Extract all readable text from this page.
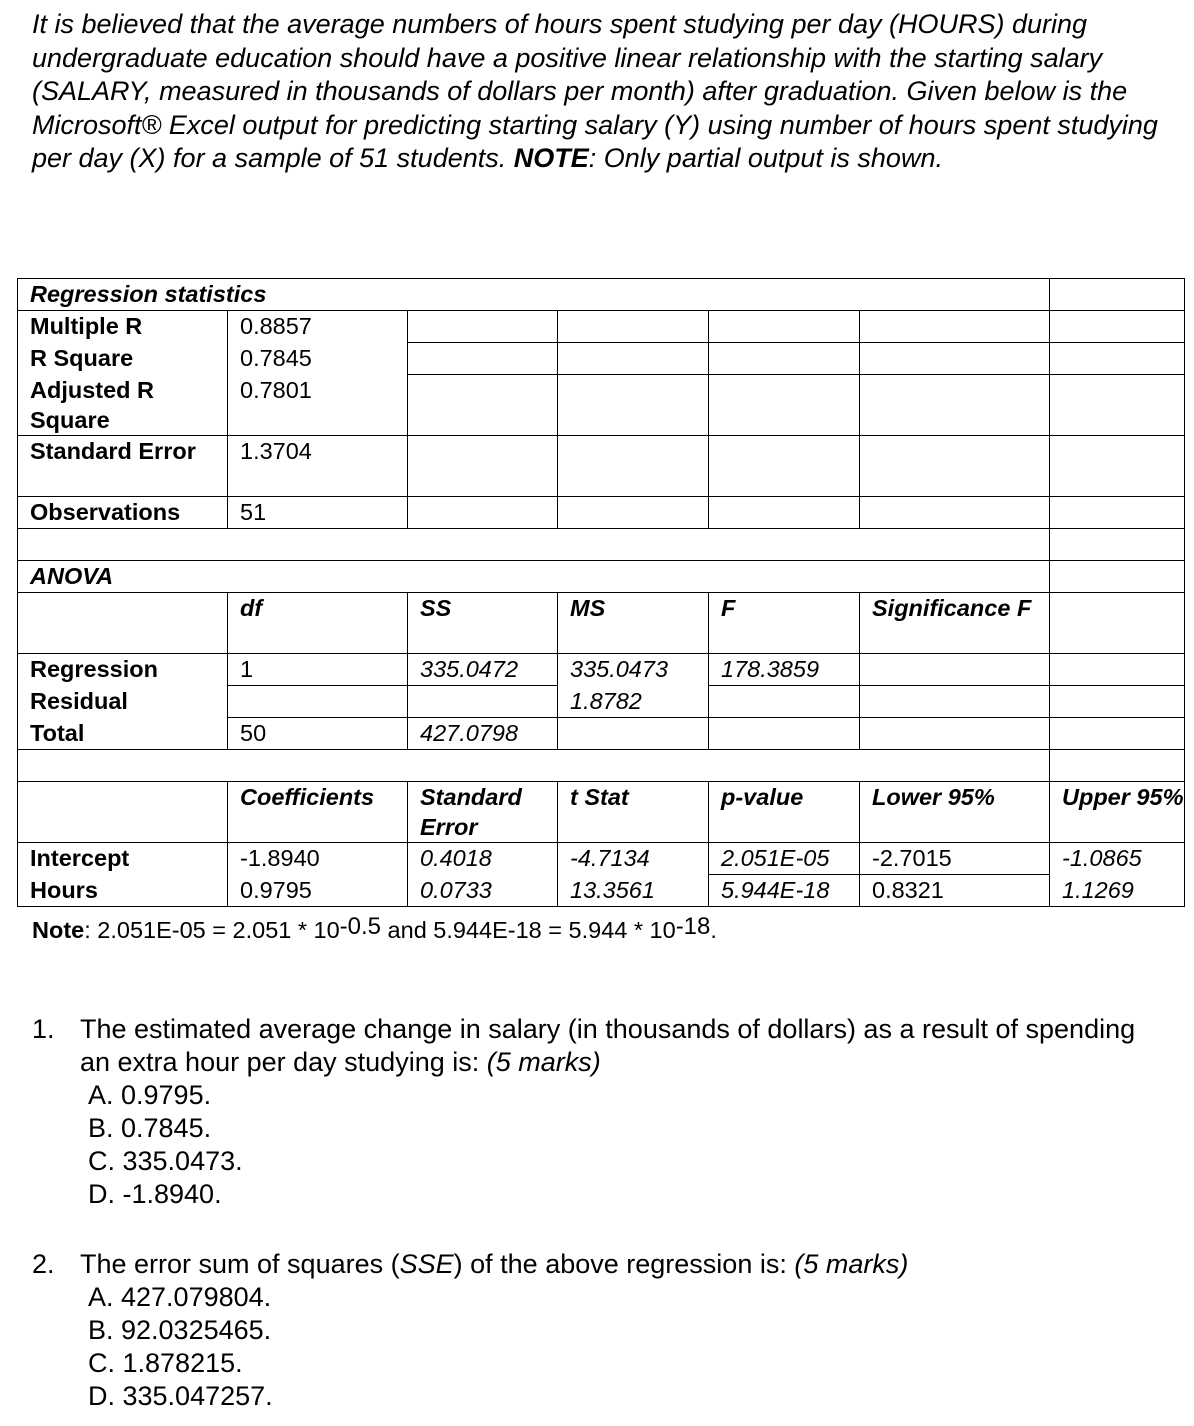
It is believed that the average numbers of hours spent studying per day (HOURS) during undergraduate education should have a positive linear relationship with the starting salary (SALARY, measured in thousands of dollars per month) after graduation. Given below is the Microsoft® Excel output for predicting starting salary (Y) using number of hours spent studying per day (X) for a sample of 51 students. NOTE: Only partial output is shown.
Regression statistics						
Multiple R	0.8857					
R Square	0.7845					
Adjusted R Square	0.7801					
Standard Error	1.3704					
Observations	51					

ANOVA						
	df	SS	MS	F	Significance F	
Regression	1	335.0472	335.0473	178.3859		
Residual			1.8782			
Total	50	427.0798				

	Coefficients	Standard Error	t Stat	p-value	Lower 95%	Upper 95%
Intercept	-1.8940	0.4018	-4.7134	2.051E-05	-2.7015	-1.0865
Hours	0.9795	0.0733	13.3561	5.944E-18	0.8321	1.1269
Note: $2.051E-05 = 2.051 * 10^{-0.5}$ and $5.944E-18 = 5.944 * 10^{-18}$.
1. The estimated average change in salary (in thousands of dollars) as a result of spending an extra hour per day studying is: (5 marks)
A. 0.9795.
B. 0.7845.
C. 335.0473.
D. -1.8940.
2. The error sum of squares (SSE) of the above regression is: (5 marks)
A. 427.079804.
B. 92.0325465.
C. 1.878215.
D. 335.047257.
